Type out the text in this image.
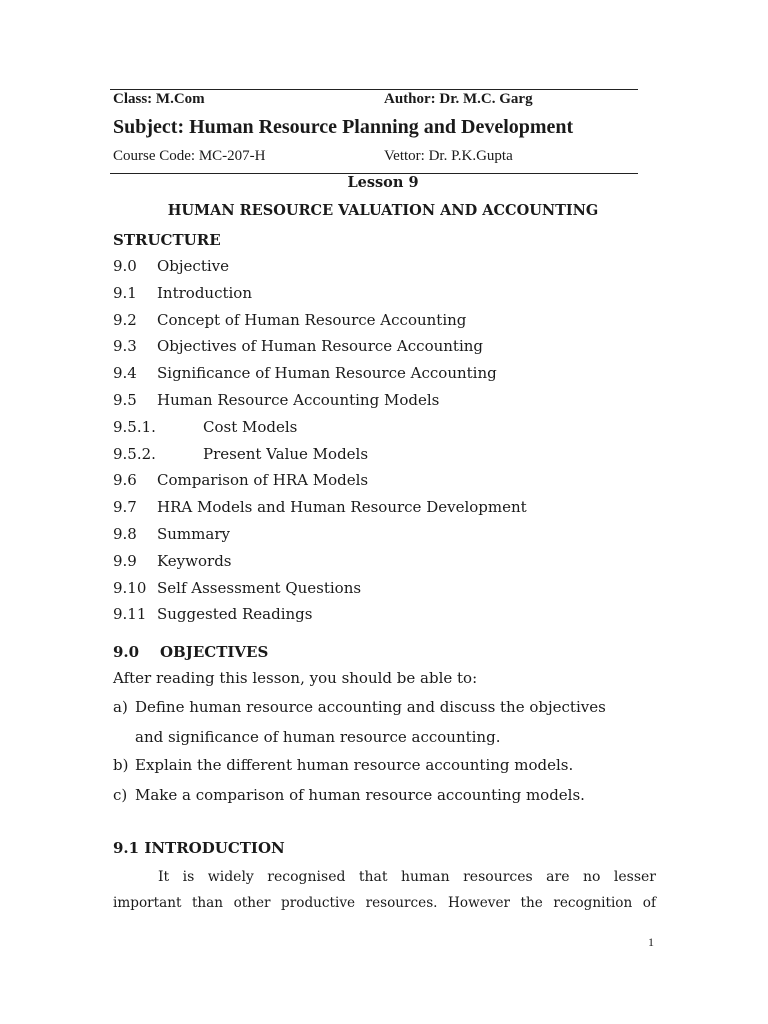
Class: M.Com	Author: Dr. M.C. Garg
Subject: Human Resource Planning and Development
Course Code: MC-207-H	Vettor: Dr. P.K.Gupta
Lesson 9
HUMAN RESOURCE VALUATION AND ACCOUNTING
STRUCTURE
9.0 Objective
9.1 Introduction
9.2 Concept of Human Resource Accounting
9.3 Objectives of Human Resource Accounting
9.4 Significance of Human Resource Accounting
9.5 Human Resource Accounting Models
9.5.1.	Cost Models
9.5.2.	Present Value Models
9.6 Comparison of HRA Models
9.7 HRA Models and Human Resource Development
9.8 Summary
9.9 Keywords
9.10 Self Assessment Questions
9.11 Suggested Readings
9.0    OBJECTIVES
After reading this lesson, you should be able to:
a) Define human resource accounting and discuss the objectives
and significance of human resource accounting.
b) Explain the different human resource accounting models.
c) Make a comparison of human resource accounting models.
9.1 INTRODUCTION
It is widely recognised that human resources are no lesser
important than other productive resources. However the recognition of
1
